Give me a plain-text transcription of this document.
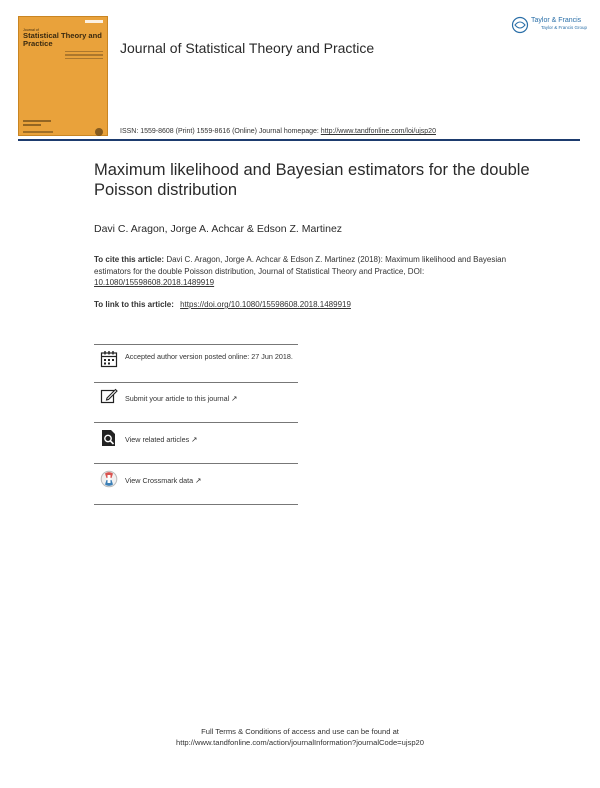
Journal of
Statistical Theory and Practice	Journal of Statistical Theory and Practice
Taylor & Francis
Taylor & Francis Group
ISSN: 1559-8608 (Print) 1559-8616 (Online) Journal homepage: http://www.tandfonline.com/loi/ujsp20
Maximum likelihood and Bayesian estimators for the double Poisson distribution
Davi C. Aragon, Jorge A. Achcar & Edson Z. Martinez
To cite this article: Davi C. Aragon, Jorge A. Achcar & Edson Z. Martinez (2018): Maximum likelihood and Bayesian estimators for the double Poisson distribution, Journal of Statistical Theory and Practice, DOI: 10.1080/15598608.2018.1489919
To link to this article: https://doi.org/10.1080/15598608.2018.1489919
Accepted author version posted online: 27 Jun 2018.
Submit your article to this journal ↗
View related articles ↗
View Crossmark data ↗
Full Terms & Conditions of access and use can be found at
http://www.tandfonline.com/action/journalInformation?journalCode=ujsp20
